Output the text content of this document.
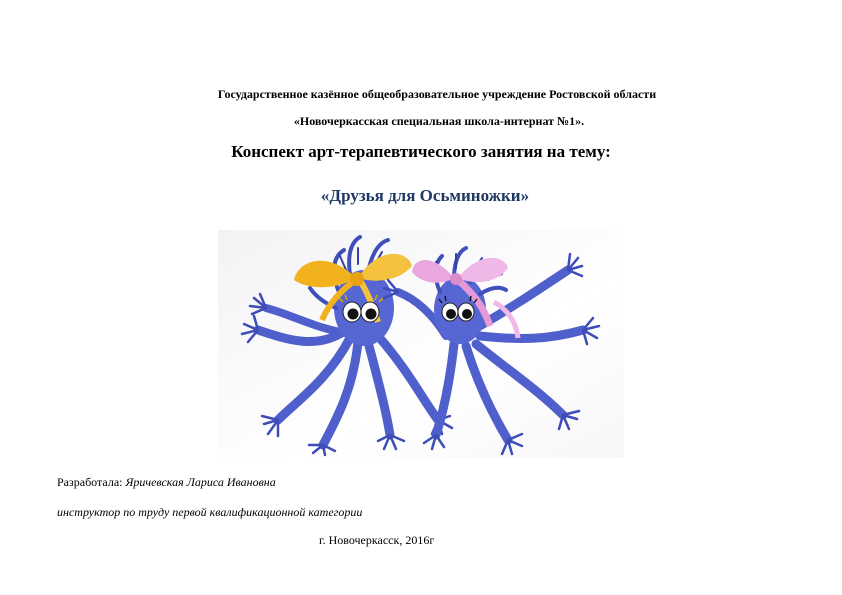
Государственное казённое общеобразовательное учреждение Ростовской области

«Новочеркасская специальная школа-интернат №1».

Конспект арт-терапевтического занятия на тему:

«Друзья для Осьминожки»

Разработала: Яричевская Лариса Ивановна

инструктор по труду первой квалификационной категории

г. Новочеркасск, 2016г
